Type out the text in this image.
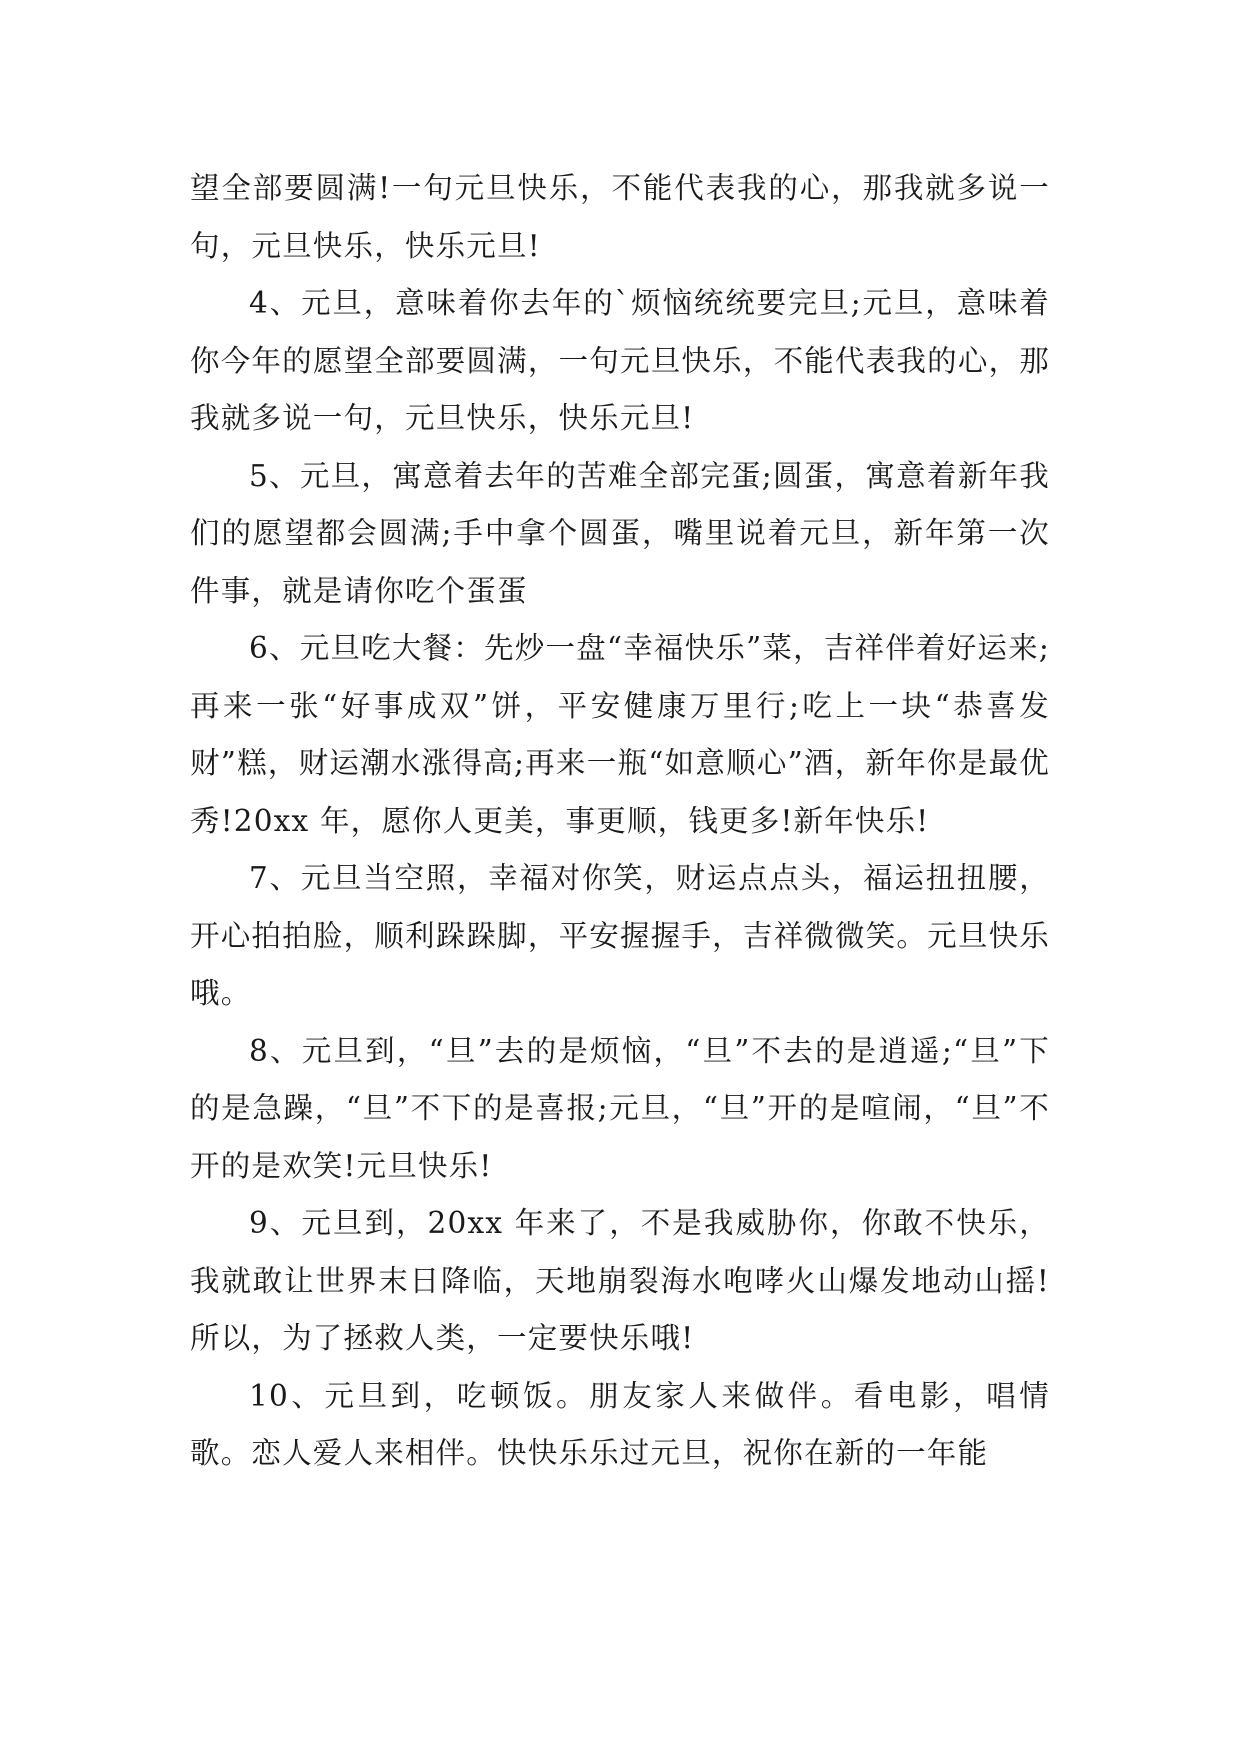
望全部要圆满!一句元旦快乐，不能代表我的心，那我就多说一句，元旦快乐，快乐元旦!

4、元旦，意味着你去年的`烦恼统统要完旦;元旦，意味着你今年的愿望全部要圆满，一句元旦快乐，不能代表我的心，那我就多说一句，元旦快乐，快乐元旦!

5、元旦，寓意着去年的苦难全部完蛋;圆蛋，寓意着新年我们的愿望都会圆满;手中拿个圆蛋，嘴里说着元旦，新年第一次件事，就是请你吃个蛋蛋

6、元旦吃大餐：先炒一盘“幸福快乐”菜，吉祥伴着好运来;再来一张“好事成双”饼，平安健康万里行;吃上一块“恭喜发财”糕，财运潮水涨得高;再来一瓶“如意顺心”酒，新年你是最优秀!20xx 年，愿你人更美，事更顺，钱更多!新年快乐!

7、元旦当空照，幸福对你笑，财运点点头，福运扭扭腰，开心拍拍脸，顺利跺跺脚，平安握握手，吉祥微微笑。元旦快乐哦。

8、元旦到，“旦”去的是烦恼，“旦”不去的是逍遥;“旦”下的是急躁，“旦”不下的是喜报;元旦，“旦”开的是喧闹，“旦”不开的是欢笑!元旦快乐!

9、元旦到，20xx 年来了，不是我威胁你，你敢不快乐，我就敢让世界末日降临，天地崩裂海水咆哮火山爆发地动山摇!所以，为了拯救人类，一定要快乐哦!

10、元旦到，吃顿饭。朋友家人来做伴。看电影，唱情歌。恋人爱人来相伴。快快乐乐过元旦，祝你在新的一年能
